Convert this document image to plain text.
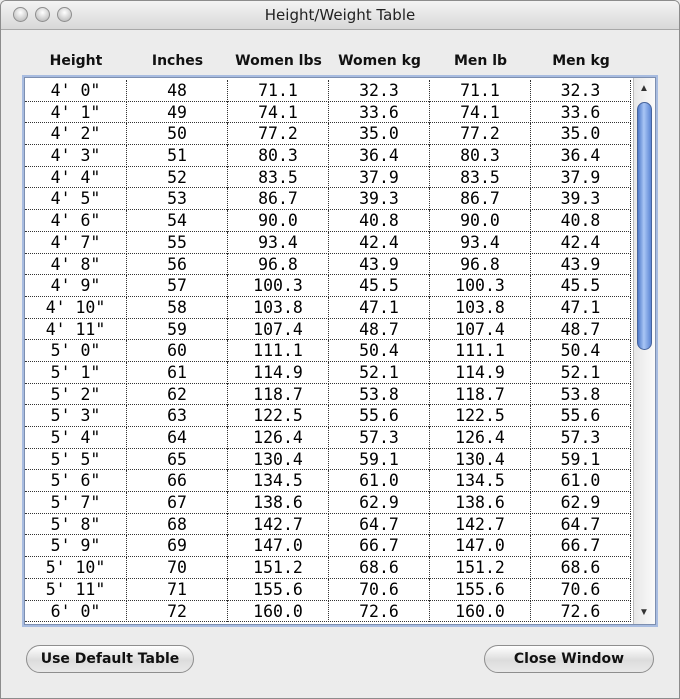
Height/Weight Table
Height	Inches	Women lbs	Women kg	Men lb	Men kg
4' 0"	48	71.1	32.3	71.1	32.3
4' 1"	49	74.1	33.6	74.1	33.6
4' 2"	50	77.2	35.0	77.2	35.0
4' 3"	51	80.3	36.4	80.3	36.4
4' 4"	52	83.5	37.9	83.5	37.9
4' 5"	53	86.7	39.3	86.7	39.3
4' 6"	54	90.0	40.8	90.0	40.8
4' 7"	55	93.4	42.4	93.4	42.4
4' 8"	56	96.8	43.9	96.8	43.9
4' 9"	57	100.3	45.5	100.3	45.5
4' 10"	58	103.8	47.1	103.8	47.1
4' 11"	59	107.4	48.7	107.4	48.7
5' 0"	60	111.1	50.4	111.1	50.4
5' 1"	61	114.9	52.1	114.9	52.1
5' 2"	62	118.7	53.8	118.7	53.8
5' 3"	63	122.5	55.6	122.5	55.6
5' 4"	64	126.4	57.3	126.4	57.3
5' 5"	65	130.4	59.1	130.4	59.1
5' 6"	66	134.5	61.0	134.5	61.0
5' 7"	67	138.6	62.9	138.6	62.9
5' 8"	68	142.7	64.7	142.7	64.7
5' 9"	69	147.0	66.7	147.0	66.7
5' 10"	70	151.2	68.6	151.2	68.6
5' 11"	71	155.6	70.6	155.6	70.6
6' 0"	72	160.0	72.6	160.0	72.6
▲
▼
Use Default Table	Close Window
